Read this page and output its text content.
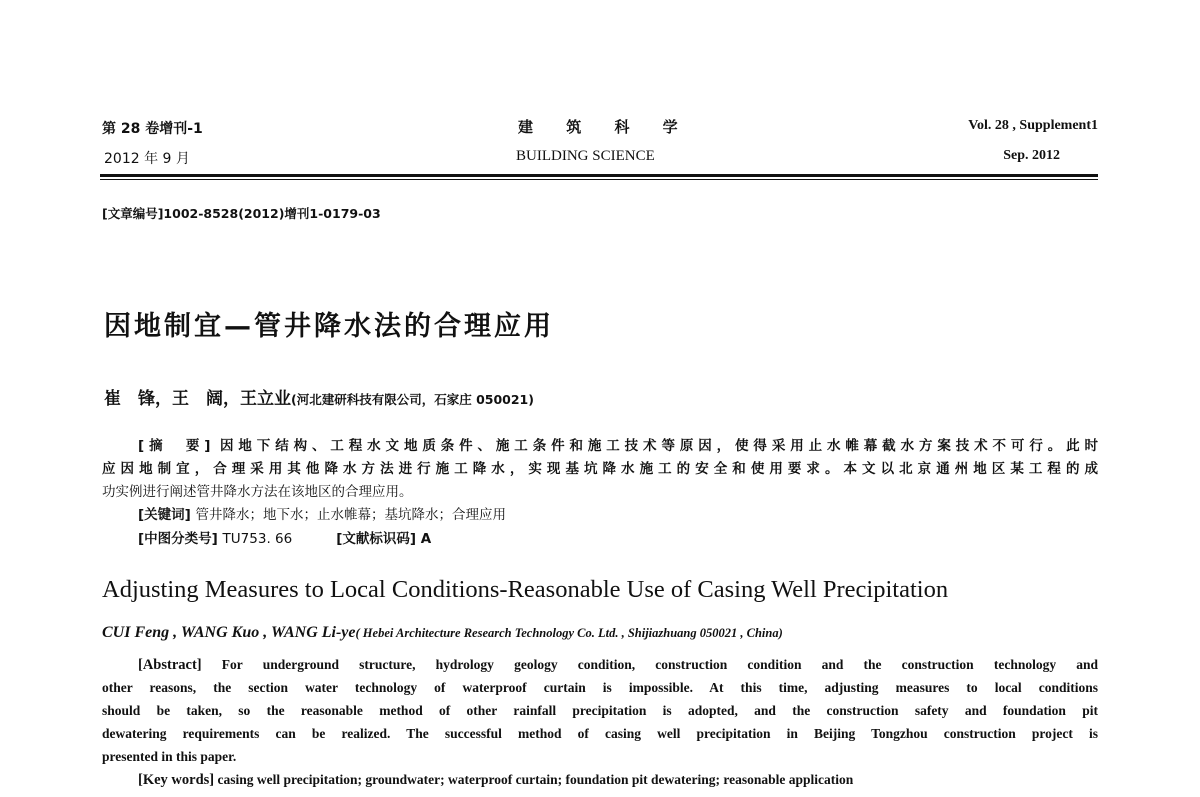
第 28 卷增刊-1
2012 年 9 月
建 筑 科 学
BUILDING SCIENCE
Vol. 28 , Supplement1
Sep. 2012
[文章编号]1002-8528(2012)增刊1-0179-03
因地制宜—管井降水法的合理应用
崔　锋，王　阔，王立业(河北建研科技有限公司，石家庄 050021)
[摘　要] 因地下结构、工程水文地质条件、施工条件和施工技术等原因，使得采用止水帷幕截水方案技术不可行。此时
应因地制宜，合理采用其他降水方法进行施工降水，实现基坑降水施工的安全和使用要求。本文以北京通州地区某工程的成
功实例进行阐述管井降水方法在该地区的合理应用。
[关键词] 管井降水；地下水；止水帷幕；基坑降水；合理应用
[中图分类号] TU753. 66	[文献标识码] A
Adjusting Measures to Local Conditions-Reasonable Use of Casing Well Precipitation
CUI Feng , WANG Kuo , WANG Li-ye( Hebei Architecture Research Technology Co. Ltd. , Shijiazhuang 050021 , China)
[Abstract] For underground structure, hydrology geology condition, construction condition and the construction technology and
other reasons, the section water technology of waterproof curtain is impossible. At this time, adjusting measures to local conditions
should be taken, so the reasonable method of other rainfall precipitation is adopted, and the construction safety and foundation pit
dewatering requirements can be realized. The successful method of casing well precipitation in Beijing Tongzhou construction project is
presented in this paper.
[Key words] casing well precipitation; groundwater; waterproof curtain; foundation pit dewatering; reasonable application
